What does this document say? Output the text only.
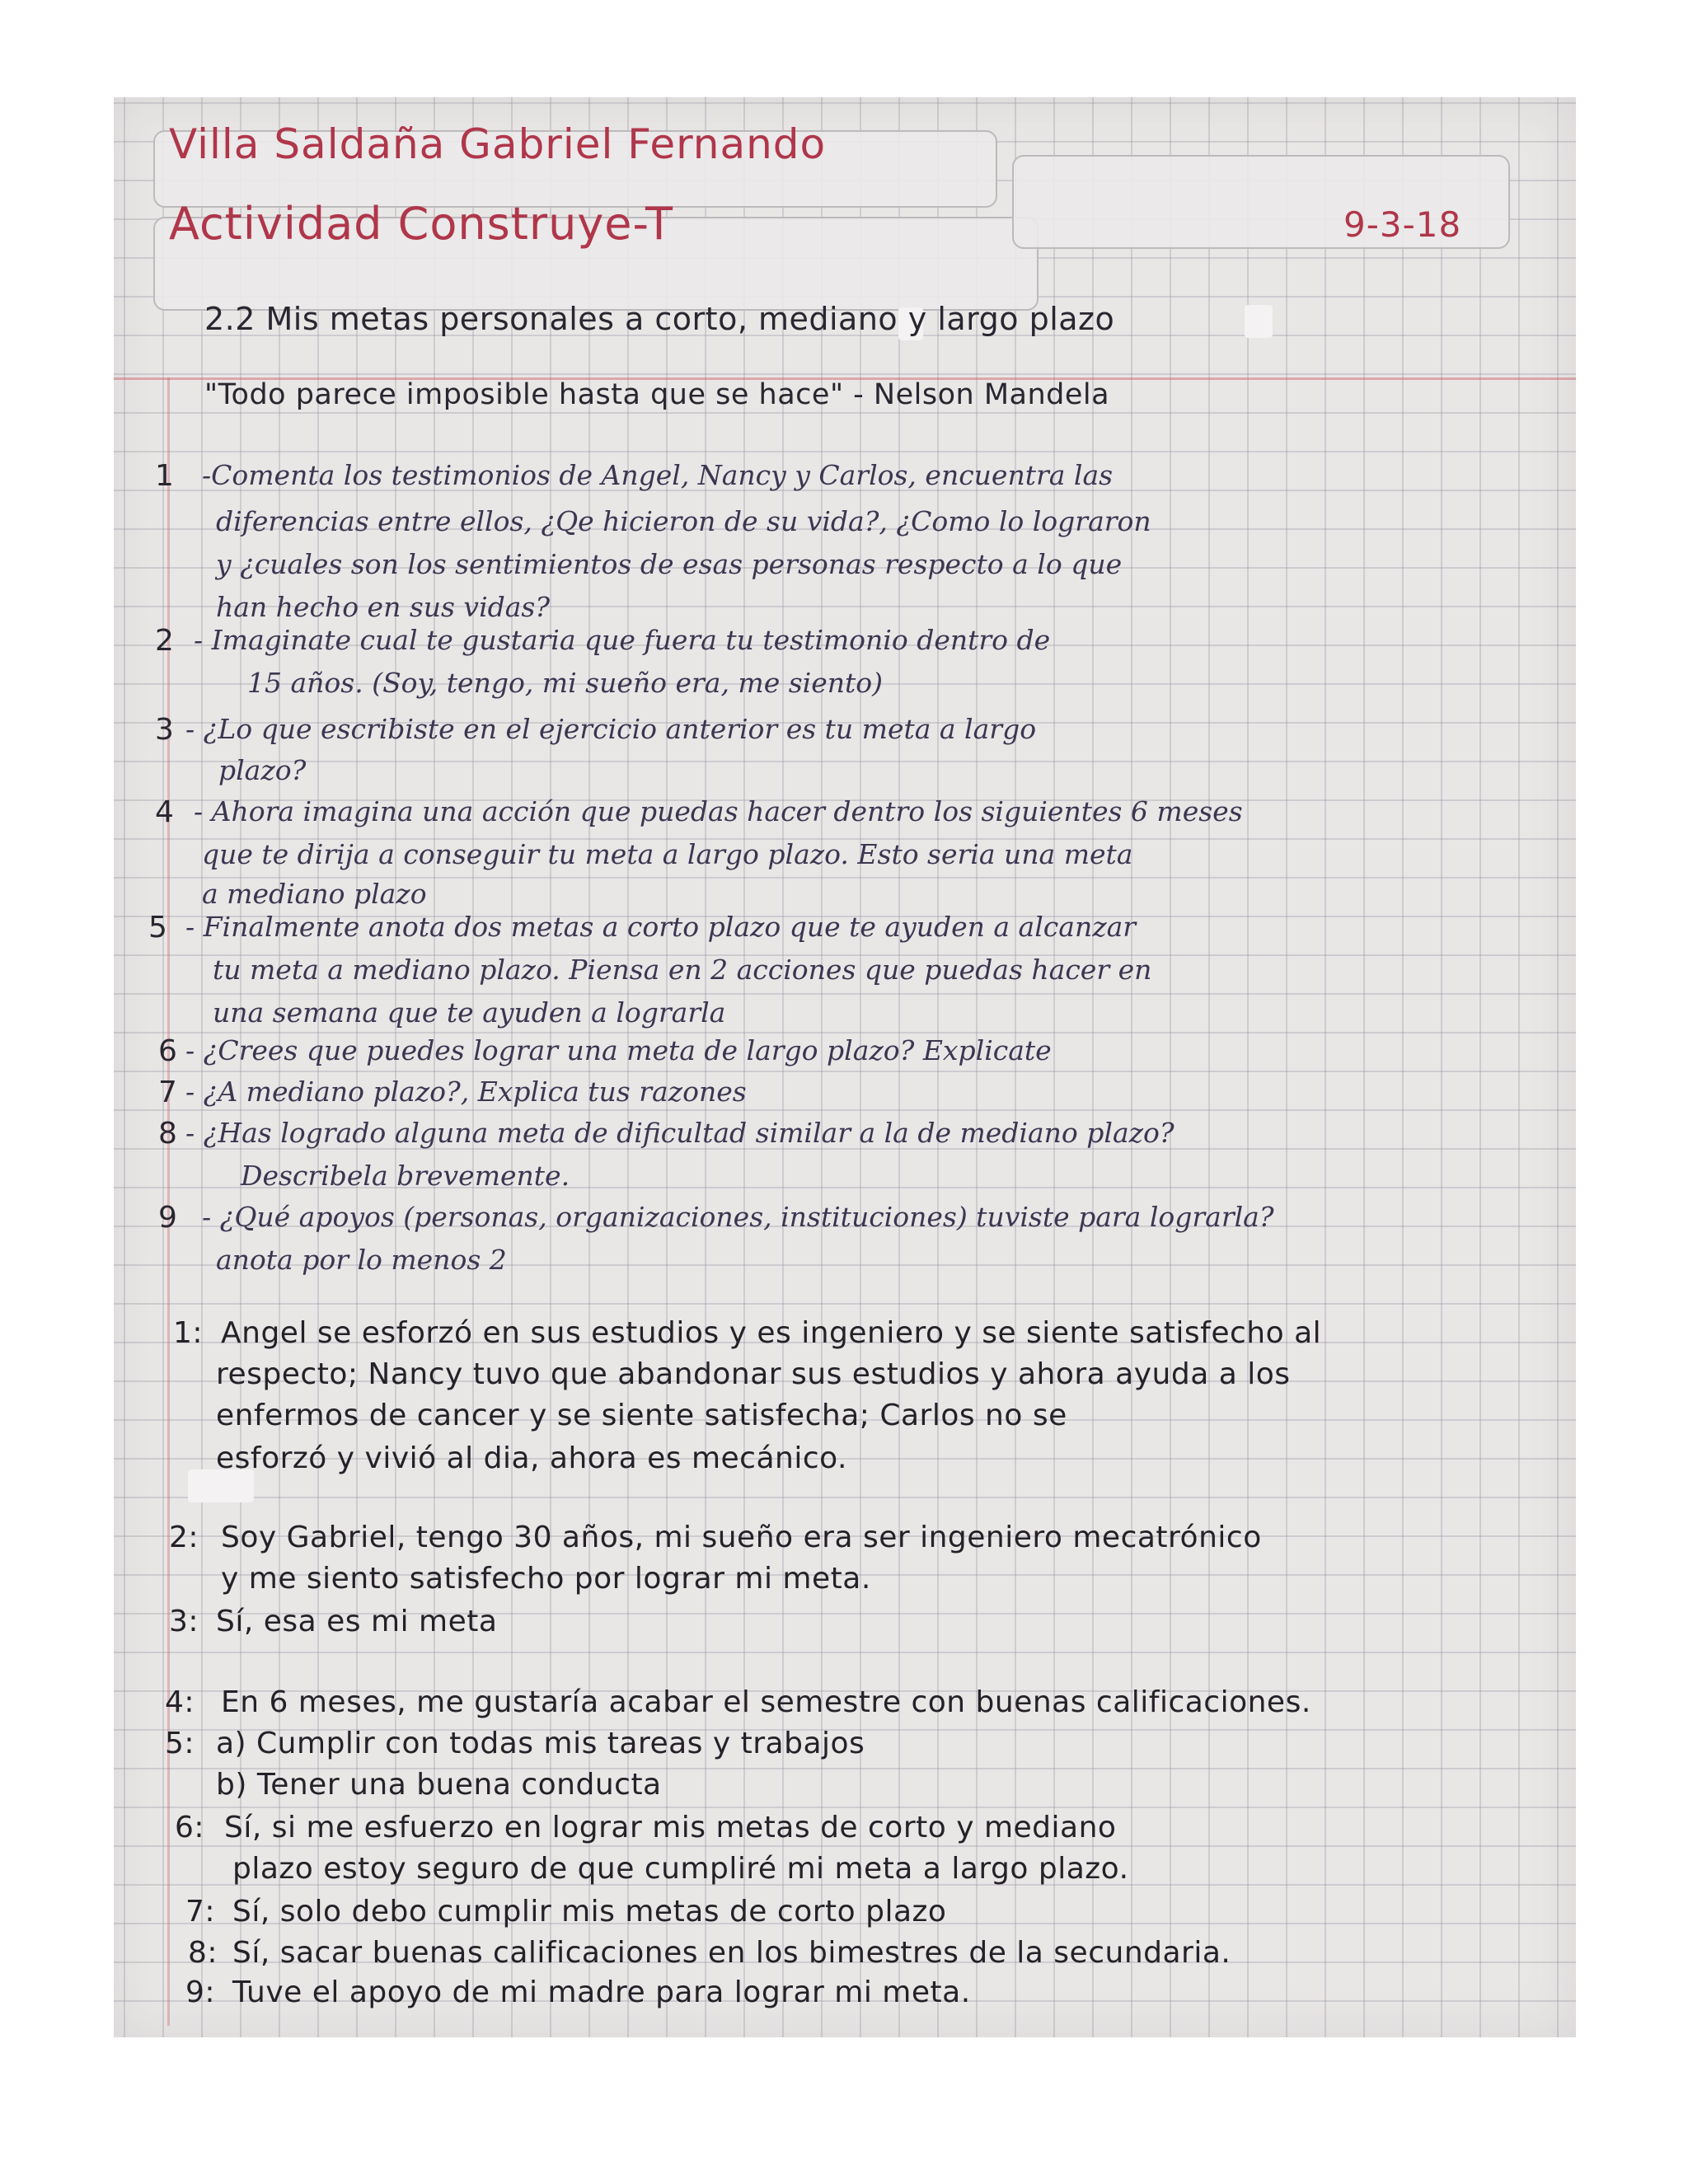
Villa Saldaña Gabriel Fernando
Actividad Construye-T	9-3-18
2.2 Mis metas personales a corto, mediano y largo plazo
"Todo parece imposible hasta que se hace" - Nelson Mandela
1 -Comenta los testimonios de Angel, Nancy y Carlos, encuentra las
diferencias entre ellos, ¿Qe hicieron de su vida?, ¿Como lo lograron
y ¿cuales son los sentimientos de esas personas respecto a lo que
han hecho en sus vidas?
2 - Imaginate cual te gustaria que fuera tu testimonio dentro de
15 años. (Soy, tengo, mi sueño era, me siento)
3 - ¿Lo que escribiste en el ejercicio anterior es tu meta a largo
plazo?
4 - Ahora imagina una acción que puedas hacer dentro los siguientes 6 meses
que te dirija a conseguir tu meta a largo plazo. Esto seria una meta
a mediano plazo
5 - Finalmente anota dos metas a corto plazo que te ayuden a alcanzar
tu meta a mediano plazo. Piensa en 2 acciones que puedas hacer en
una semana que te ayuden a lograrla
6 - ¿Crees que puedes lograr una meta de largo plazo? Explicate
7 - ¿A mediano plazo?, Explica tus razones
8 - ¿Has logrado alguna meta de dificultad similar a la de mediano plazo?
Describela brevemente.
9 - ¿Qué apoyos (personas, organizaciones, instituciones) tuviste para lograrla?
anota por lo menos 2
1: Angel se esforzó en sus estudios y es ingeniero y se siente satisfecho al
respecto; Nancy tuvo que abandonar sus estudios y ahora ayuda a los
enfermos de cancer y se siente satisfecha; Carlos no se
esforzó y vivió al dia, ahora es mecánico.
2: Soy Gabriel, tengo 30 años, mi sueño era ser ingeniero mecatrónico
y me siento satisfecho por lograr mi meta.
3: Sí, esa es mi meta
4: En 6 meses, me gustaría acabar el semestre con buenas calificaciones.
5: a) Cumplir con todas mis tareas y trabajos
b) Tener una buena conducta
6: Sí, si me esfuerzo en lograr mis metas de corto y mediano
plazo estoy seguro de que cumpliré mi meta a largo plazo.
7: Sí, solo debo cumplir mis metas de corto plazo
8: Sí, sacar buenas calificaciones en los bimestres de la secundaria.
9: Tuve el apoyo de mi madre para lograr mi meta.
